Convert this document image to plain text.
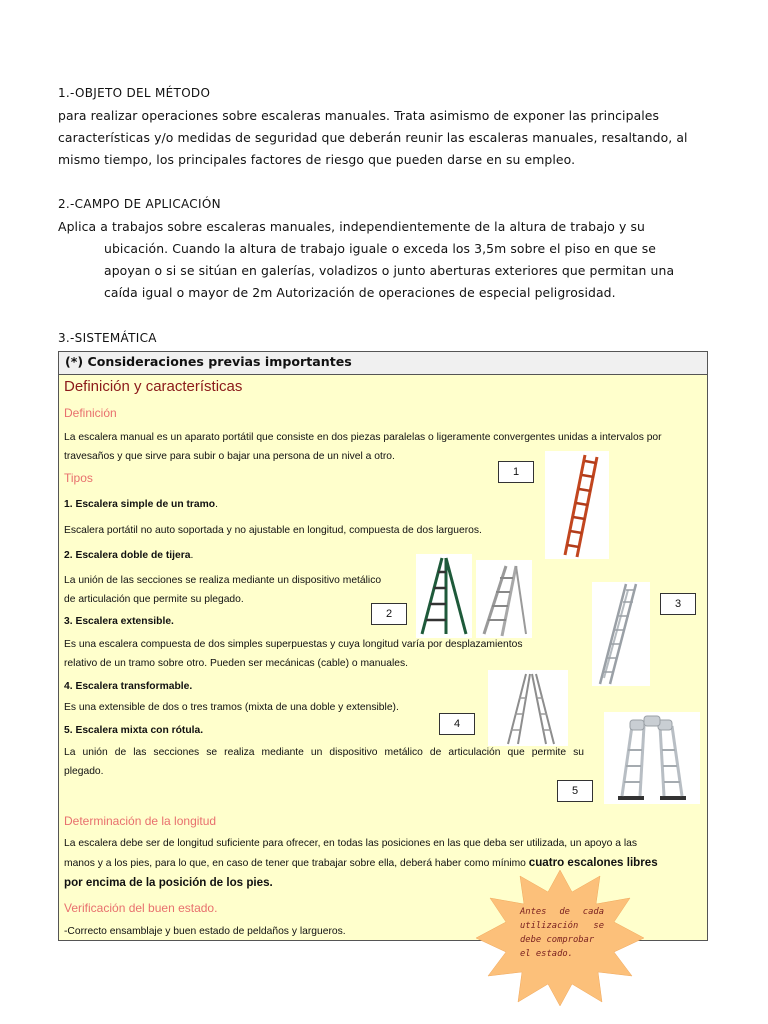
1.-OBJETO DEL MÉTODO
para realizar operaciones sobre escaleras manuales. Trata asimismo de exponer las principales
características y/o medidas de seguridad que deberán reunir las escaleras manuales, resaltando, al
mismo tiempo, los principales factores de riesgo que pueden darse en su empleo.
2.-CAMPO DE APLICACIÓN
Aplica a trabajos sobre escaleras manuales, independientemente de la altura de trabajo y su
ubicación. Cuando la altura de trabajo iguale o exceda los 3,5m sobre el piso en que se
apoyan o si se sitúan en galerías, voladizos o junto aberturas exteriores que permitan una
caída igual o mayor de 2m Autorización de operaciones de especial peligrosidad.
3.-SISTEMÁTICA
(*) Consideraciones previas importantes
Definición y características
Definición
La escalera manual es un aparato portátil que consiste en dos piezas paralelas o ligeramente convergentes unidas a intervalos por
travesaños y que sirve para subir o bajar una persona de un nivel a otro.
Tipos
1. Escalera simple de un tramo.
Escalera portátil no auto soportada y no ajustable en longitud, compuesta de dos largueros.
2. Escalera doble de tijera.
La unión de las secciones se realiza mediante un dispositivo metálico
de articulación que permite su plegado.
3. Escalera extensible.
Es una escalera compuesta de dos simples superpuestas y cuya longitud varía por desplazamientos
relativo de un tramo sobre otro. Pueden ser mecánicas (cable) o manuales.
4. Escalera transformable.
Es una extensible de dos o tres tramos (mixta de una doble y extensible).
5. Escalera mixta con rótula.
La unión de las secciones se realiza mediante un dispositivo metálico de articulación que permite su
plegado.
Determinación de la longitud
La escalera debe ser de longitud suficiente para ofrecer, en todas las posiciones en las que deba ser utilizada, un apoyo a las
manos y a los pies, para lo que, en caso de tener que trabajar sobre ella, deberá haber como mínimo cuatro escalones libres
por encima de la posición de los pies.
Verificación del buen estado.
-Correcto ensamblaje y buen estado de peldaños y largueros.
1
2
3
4
5
Antes de cada
utilización se
debe comprobar
el estado.
